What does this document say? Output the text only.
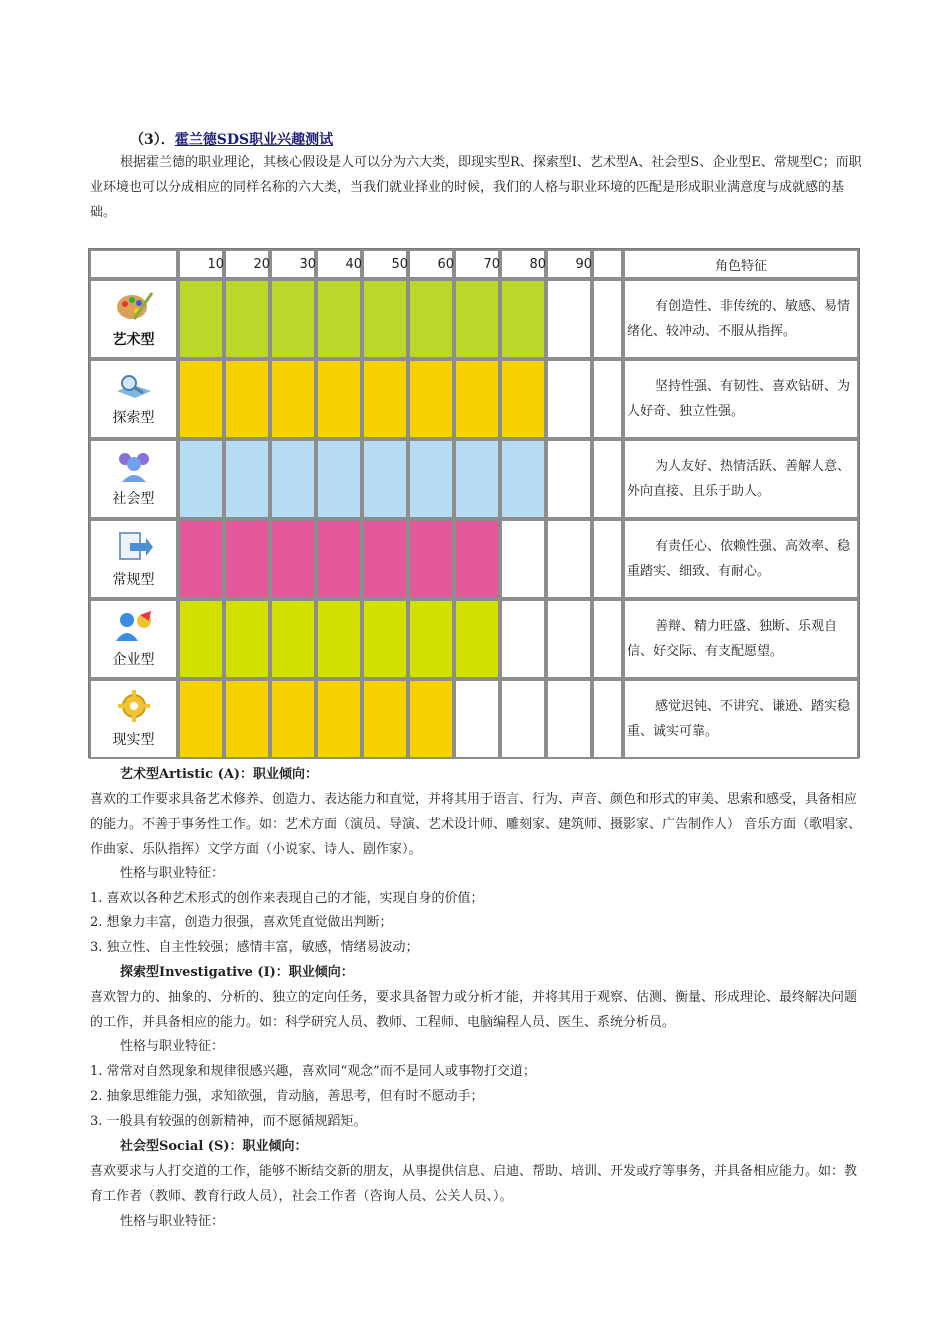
（3）．霍兰德SDS职业兴趣测试
根据霍兰德的职业理论，其核心假设是人可以分为六大类，即现实型R、探索型I、艺术型A、社会型S、企业型E、常规型C；而职业环境也可以分成相应的同样名称的六大类，当我们就业择业的时候，我们的人格与职业环境的匹配是形成职业满意度与成就感的基础。
10 20 30 40 50 60 70 80 90	角色特征
艺术型
有创造性、非传统的、敏感、易情绪化、较冲动、不服从指挥。
探索型
坚持性强、有韧性、喜欢钻研、为人好奇、独立性强。
社会型
为人友好、热情活跃、善解人意、外向直接、且乐于助人。
常规型
有责任心、依赖性强、高效率、稳重踏实、细致、有耐心。
企业型
善辩、精力旺盛、独断、乐观自信、好交际、有支配愿望。
现实型
感觉迟钝、不讲究、谦逊、踏实稳重、诚实可靠。
艺术型Artistic (A)：职业倾向：
喜欢的工作要求具备艺术修养、创造力、表达能力和直觉，并将其用于语言、行为、声音、颜色和形式的审美、思索和感受，具备相应的能力。不善于事务性工作。如：艺术方面（演员、导演、艺术设计师、雕刻家、建筑师、摄影家、广告制作人） 音乐方面（歌唱家、作曲家、乐队指挥）文学方面（小说家、诗人、剧作家）。
性格与职业特征：
1. 喜欢以各种艺术形式的创作来表现自己的才能，实现自身的价值；
2. 想象力丰富，创造力很强，喜欢凭直觉做出判断；
3. 独立性、自主性较强；感情丰富，敏感，情绪易波动；
探索型Investigative (I)：职业倾向：
喜欢智力的、抽象的、分析的、独立的定向任务，要求具备智力或分析才能，并将其用于观察、估测、衡量、形成理论、最终解决问题的工作，并具备相应的能力。如：科学研究人员、教师、工程师、电脑编程人员、医生、系统分析员。
性格与职业特征：
1. 常常对自然现象和规律很感兴趣，喜欢同“观念”而不是同人或事物打交道；
2. 抽象思维能力强，求知欲强，肯动脑，善思考，但有时不愿动手；
3. 一般具有较强的创新精神，而不愿循规蹈矩。
社会型Social (S)：职业倾向：
喜欢要求与人打交道的工作，能够不断结交新的朋友，从事提供信息、启迪、帮助、培训、开发或疗等事务，并具备相应能力。如：教育工作者（教师、教育行政人员），社会工作者（咨询人员、公关人员、）。
性格与职业特征：
